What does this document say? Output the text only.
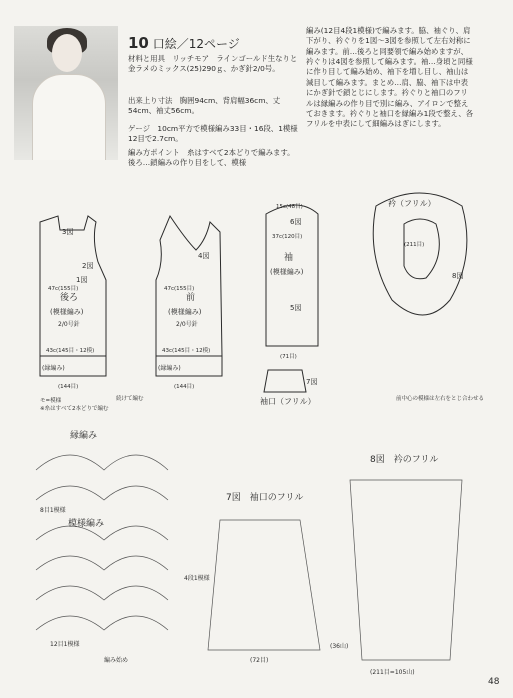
10 口絵／12ページ
材料と用具　リッチモア　ラインゴールド生なりと金ラメのミックス(25)290ｇ、かぎ針2/0号。
出来上り寸法　胸囲94cm、背肩幅36cm、丈54cm、袖丈56cm。
ゲージ　10cm平方で模様編み33目・16段、1模様12目で2.7cm。
編み方ポイント　糸はすべて2本どりで編みます。後ろ…鎖編みの作り目をして、模様
編み(12目4段1模様)で編みます。脇、袖ぐり、肩下がり、衿ぐりを1図～3図を参照して左右対称に編みます。前…後ろと同要領で編み始めますが、衿ぐりは4図を参照して編みます。袖…身頃と同様に作り目して編み始め、袖下を増し目し、袖山は減目して編みます。まとめ…肩、脇、袖下は中表にかぎ針で鎖とじにします。衿ぐりと袖口のフリルは縁編みの作り目で別に編み、アイロンで整えておきます。衿ぐりと袖口を縁編み1段で整え、各フリルを中表にして細編みはぎにします。
後ろ
(模様編み)
2/0号針
前
(模様編み)
2/0号針
袖
(模様編み)
衿（フリル）
袖口（フリル）
(縁編み)	(縁編み)
1図
2図
3図
4図
5図
6図
7図
8図
47c(155目)	47c(155目)
43c(145目・12模)	43c(145目・12模)
(144目)	(144目)
37c(120目)
15c(48目)
(71目)
(211目)
モ=模様
※糸はすべて2本どりで編む
前中心の模様は左右をとじ合わせる
続けて編む
縁編み
模様編み
7図　袖口のフリル
8図　衿のフリル
4段1模様
12目1模様
編み始め
8目1模様
(72目)
(36山)
(211目=105山)
48
